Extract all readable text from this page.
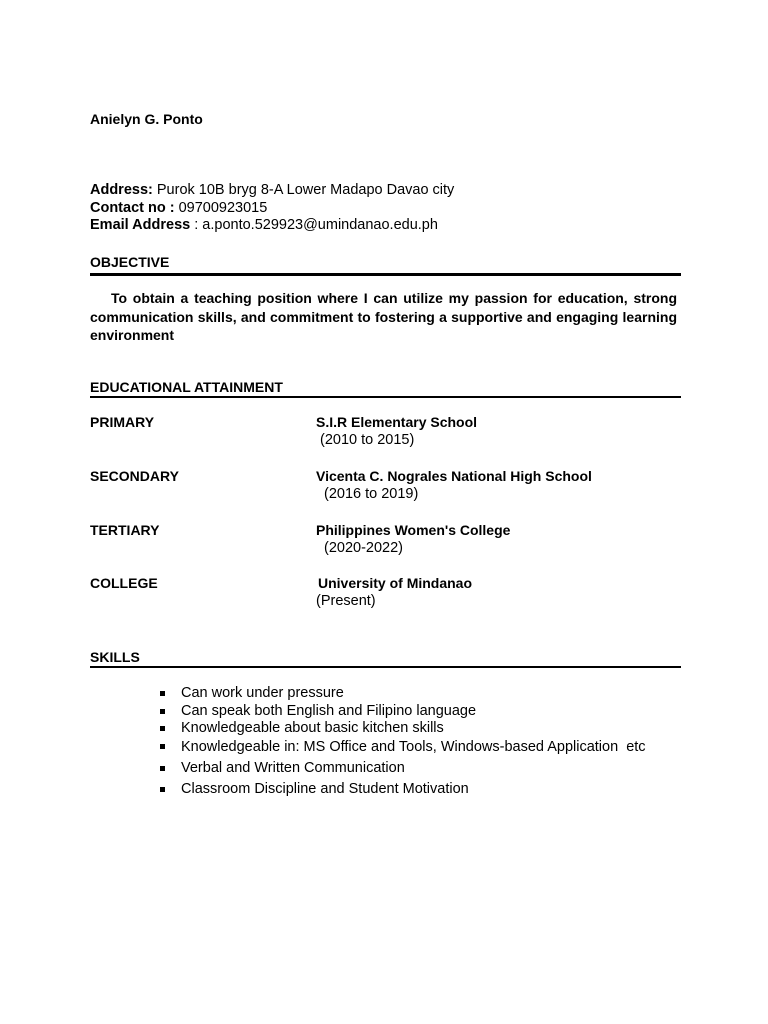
Anielyn G. Ponto
Address: Purok 10B bryg 8-A Lower Madapo Davao city
Contact no : 09700923015
Email Address : a.ponto.529923@umindanao.edu.ph
OBJECTIVE
To obtain a teaching position where I can utilize my passion for education, strong communication skills, and commitment to fostering a supportive and engaging learning environment
EDUCATIONAL ATTAINMENT
PRIMARY	S.I.R Elementary School
(2010 to 2015)
SECONDARY	Vicenta C. Nograles National High School
(2016 to 2019)
TERTIARY	Philippines Women's College
(2020-2022)
COLLEGE	University of Mindanao
(Present)
SKILLS
Can work under pressure
Can speak both English and Filipino language
Knowledgeable about basic kitchen skills
Knowledgeable in: MS Office and Tools, Windows-based Application  etc
Verbal and Written Communication
Classroom Discipline and Student Motivation
